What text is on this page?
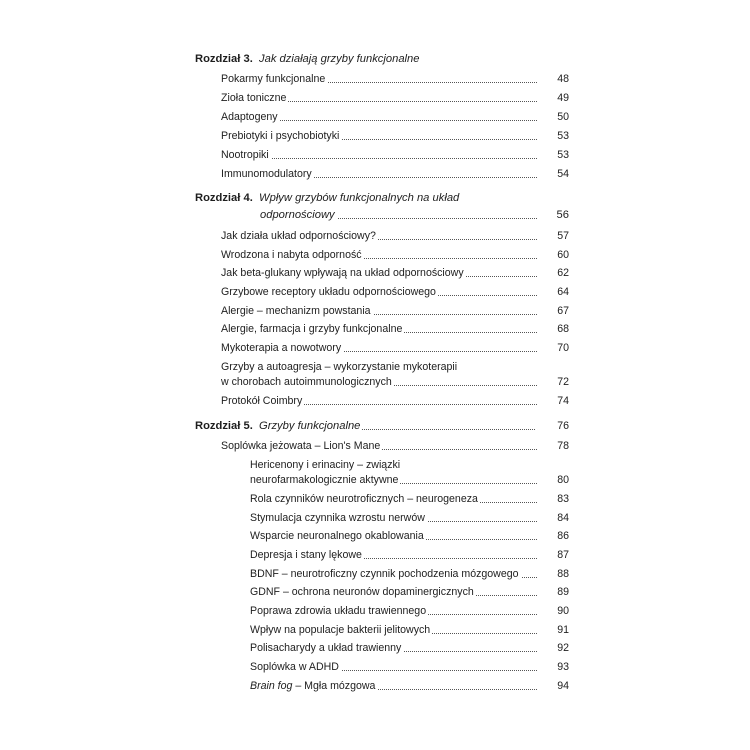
Rozdział 3. Jak działają grzyby funkcjonalne
Pokarmy funkcjonalne	48
Zioła toniczne	49
Adaptogeny	50
Prebiotyki i psychobiotyki	53
Nootropiki	53
Immunomodulatory	54
Rozdział 4. Wpływ grzybów funkcjonalnych na układ
odpornościowy	56
Jak działa układ odpornościowy?	57
Wrodzona i nabyta odporność	60
Jak beta-glukany wpływają na układ odpornościowy	62
Grzybowe receptory układu odpornościowego	64
Alergie – mechanizm powstania	67
Alergie, farmacja i grzyby funkcjonalne	68
Mykoterapia a nowotwory	70
Grzyby a autoagresja – wykorzystanie mykoterapii
w chorobach autoimmunologicznych	72
Protokół Coimbry	74
Rozdział 5. Grzyby funkcjonalne	76
Soplówka jeżowata – Lion's Mane	78
Hericenony i erinaciny – związki
neurofarmakologicznie aktywne	80
Rola czynników neurotroficznych – neurogeneza	83
Stymulacja czynnika wzrostu nerwów	84
Wsparcie neuronalnego okablowania	86
Depresja i stany lękowe	87
BDNF – neurotroficzny czynnik pochodzenia mózgowego	88
GDNF – ochrona neuronów dopaminergicznych	89
Poprawa zdrowia układu trawiennego	90
Wpływ na populacje bakterii jelitowych	91
Polisacharydy a układ trawienny	92
Soplówka w ADHD	93
Brain fog – Mgła mózgowa	94
